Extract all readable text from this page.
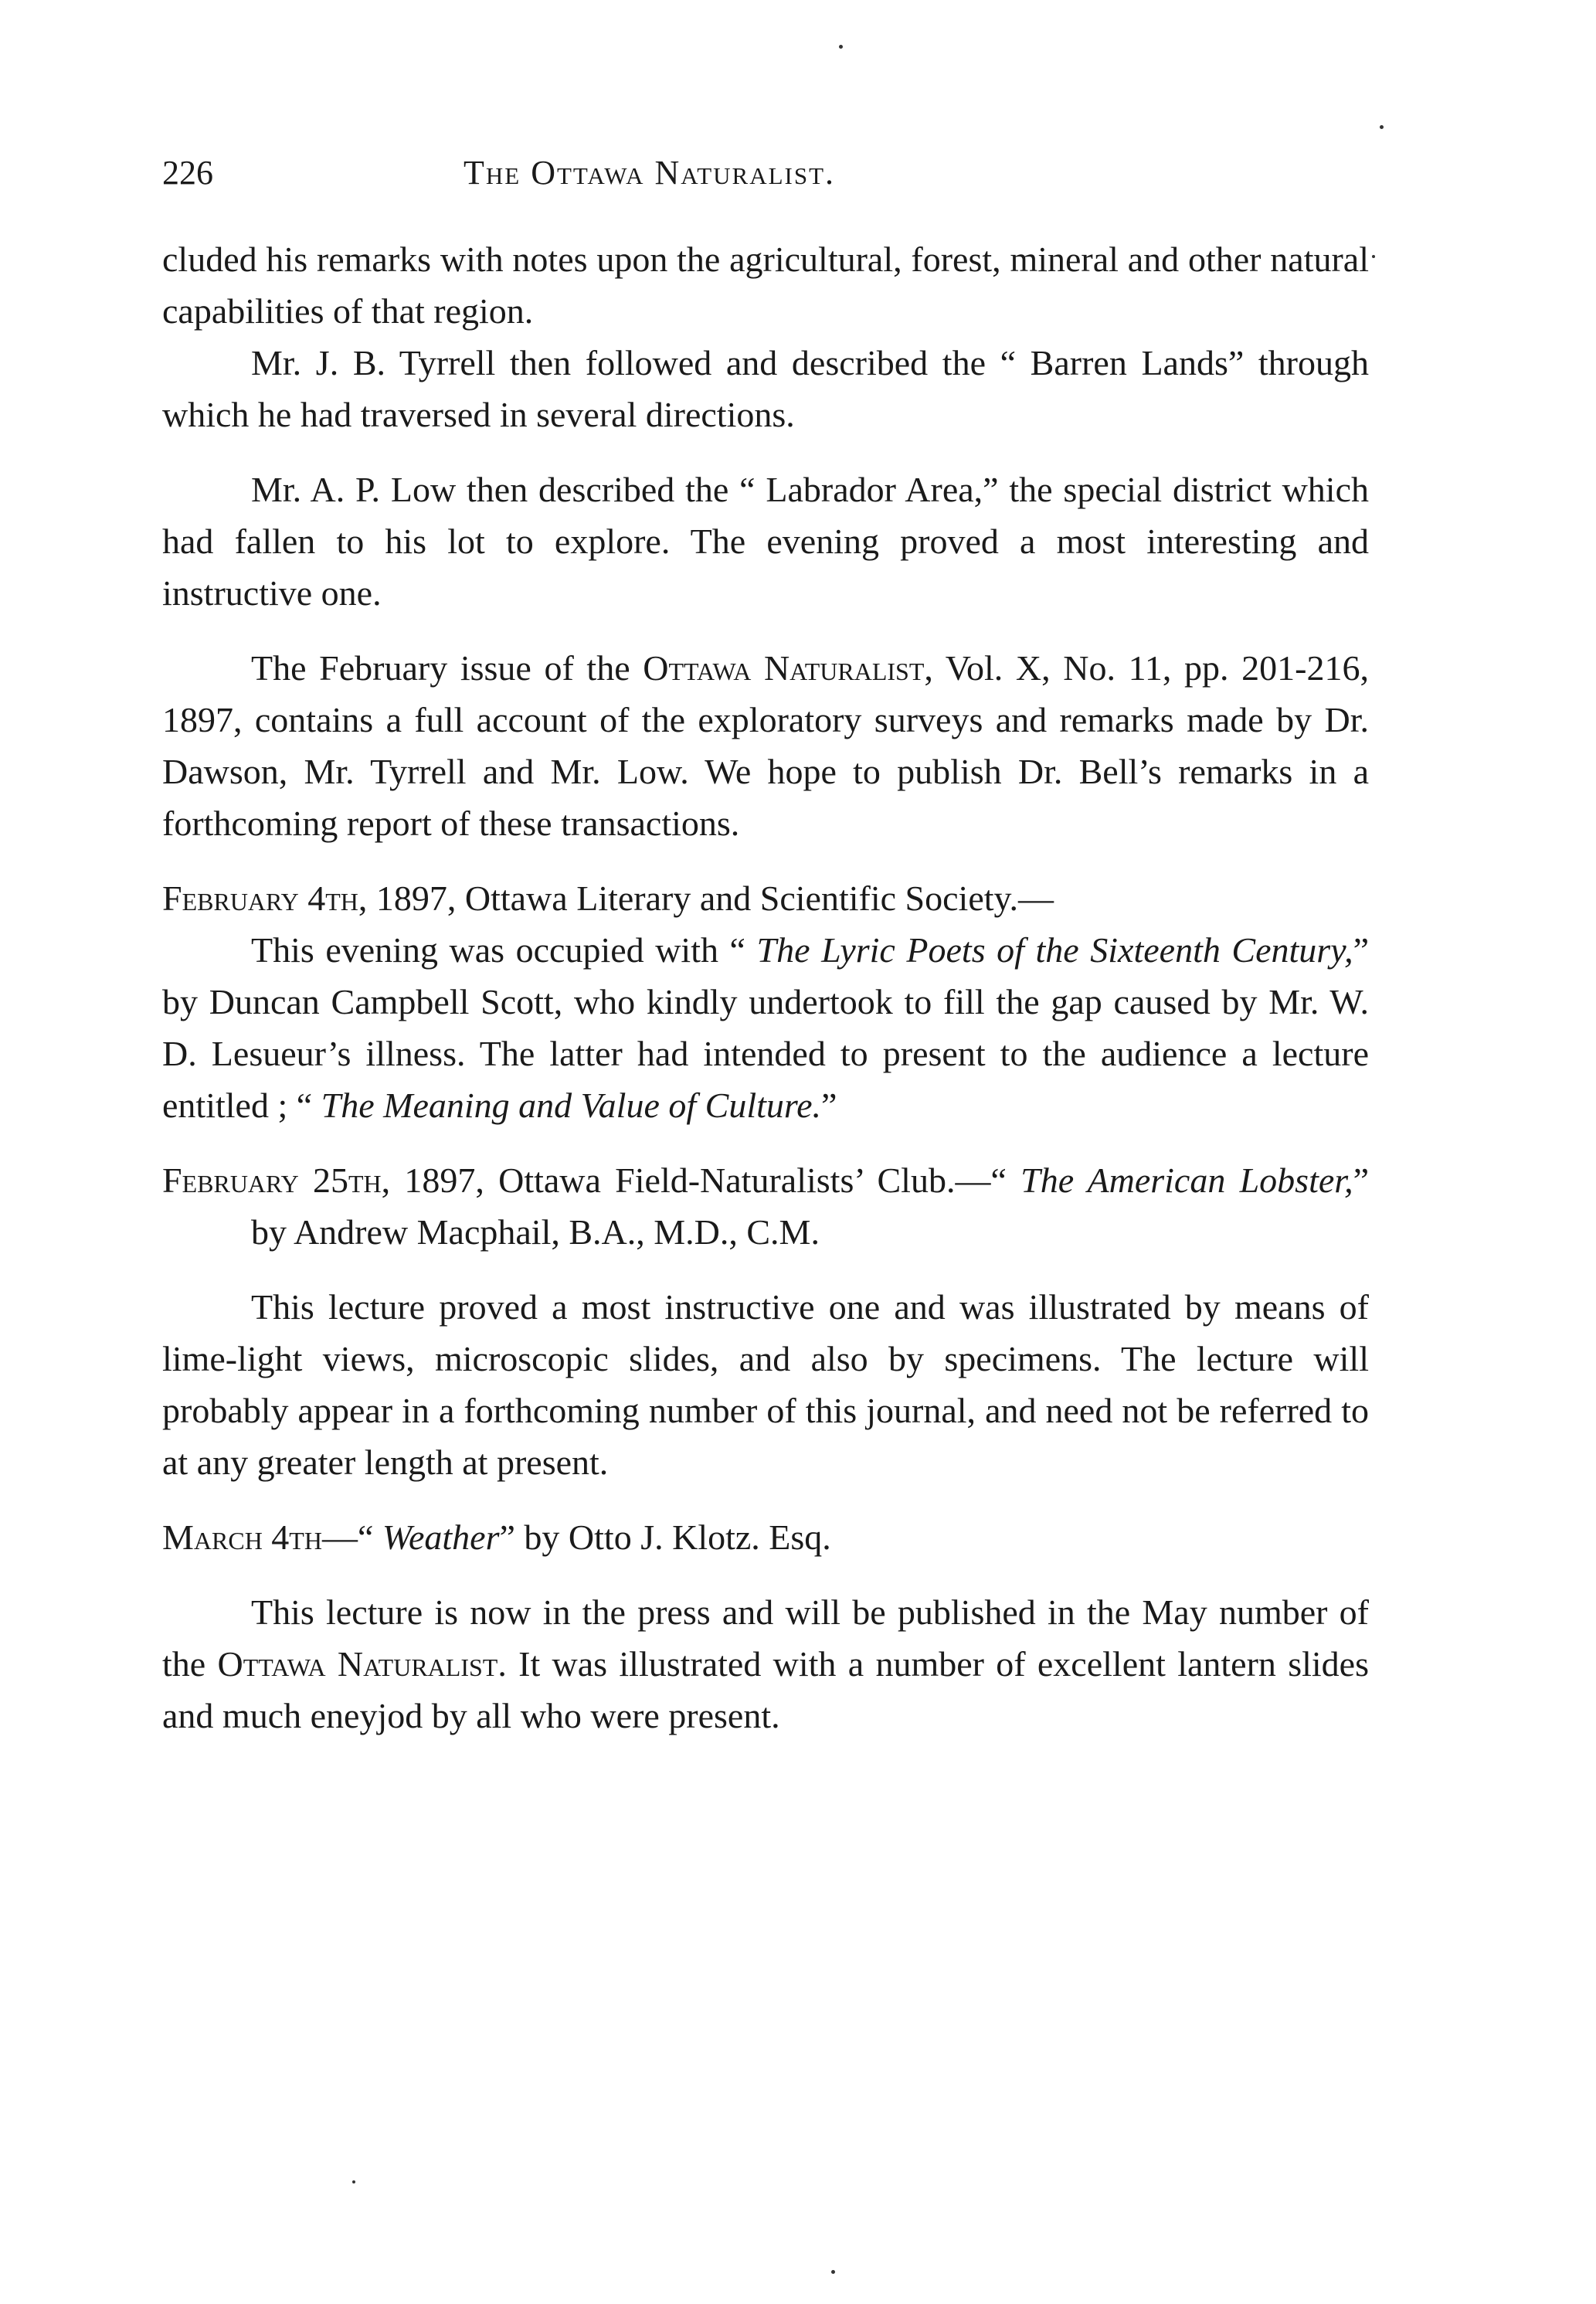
226	The Ottawa Naturalist.

cluded his remarks with notes upon the agricultural, forest, mineral and other natural capabilities of that region.

Mr. J. B. Tyrrell then followed and described the “ Barren Lands” through which he had traversed in several directions.

Mr. A. P. Low then described the “ Labrador Area,” the special district which had fallen to his lot to explore. The evening proved a most interesting and instructive one.

The February issue of the Ottawa Naturalist, Vol. X, No. 11, pp. 201-216, 1897, contains a full account of the exploratory surveys and remarks made by Dr. Dawson, Mr. Tyrrell and Mr. Low. We hope to publish Dr. Bell’s remarks in a forthcoming report of these transactions.

February 4th, 1897, Ottawa Literary and Scientific Society.—

This evening was occupied with “ The Lyric Poets of the Sixteenth Century,” by Duncan Campbell Scott, who kindly undertook to fill the gap caused by Mr. W. D. Lesueur’s illness. The latter had intended to present to the audience a lecture entitled ; “ The Meaning and Value of Culture.”

February 25th, 1897, Ottawa Field-Naturalists’ Club.—“ The American Lobster,” by Andrew Macphail, B.A., M.D., C.M.

This lecture proved a most instructive one and was illustrated by means of lime-light views, microscopic slides, and also by specimens. The lecture will probably appear in a forthcoming number of this journal, and need not be referred to at any greater length at present.

March 4th—“ Weather” by Otto J. Klotz. Esq.

This lecture is now in the press and will be published in the May number of the Ottawa Naturalist. It was illustrated with a number of excellent lantern slides and much eneyjod by all who were present.
